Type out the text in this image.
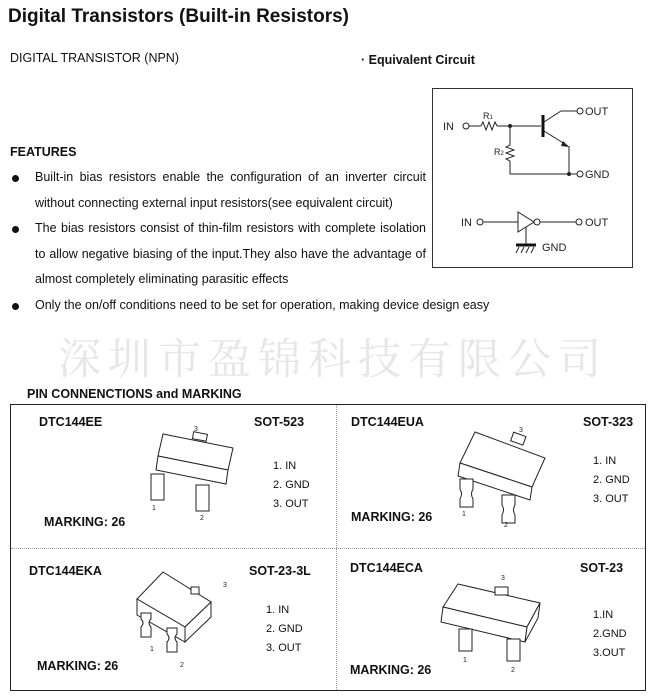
Digital Transistors (Built-in Resistors)
DIGITAL TRANSISTOR (NPN)	· Equivalent Circuit
IN
R1
R2
OUT
GND
IN	OUT
GND
FEATURES
Built-in bias resistors enable the configuration of an inverter circuit without connecting external input resistors(see equivalent circuit)
The bias resistors consist of thin-film resistors with complete isolation to allow negative biasing of the input.They also have the advantage of almost completely eliminating parasitic effects
Only the on/off conditions need to be set for operation, making device design easy
深圳市盈锦科技有限公司
PIN CONNENCTIONS and MARKING
DTC144EE	SOT-523
3
1
2
1. IN
2. GND
3. OUT
MARKING: 26
DTC144EUA	SOT-323
3
1
2
1. IN
2. GND
3. OUT
MARKING: 26
DTC144EKA	SOT-23-3L
3
1
2
1. IN
2. GND
3. OUT
MARKING: 26
DTC144ECA	SOT-23
3
1
2
1.IN
2.GND
3.OUT
MARKING: 26
